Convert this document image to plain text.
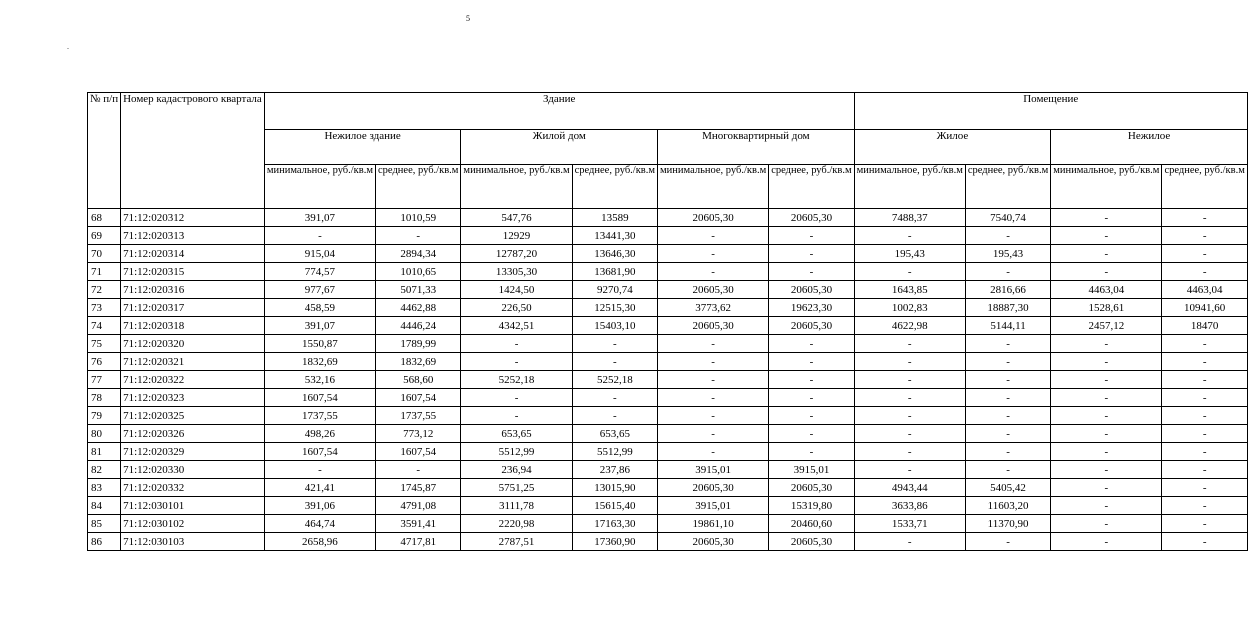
5
№ п/п	Номер кадастрового квартала	Здание						Помещение			
		Нежилое здание		Жилой дом		Многоквартирный дом		Жилое		Нежилое	
		минимальное, руб./кв.м	среднее, руб./кв.м	минимальное, руб./кв.м	среднее, руб./кв.м	минимальное, руб./кв.м	среднее, руб./кв.м	минимальное, руб./кв.м	среднее, руб./кв.м	минимальное, руб./кв.м	среднее, руб./кв.м
68	71:12:020312	391,07	1010,59	547,76	13589	20605,30	20605,30	7488,37	7540,74	-	-
69	71:12:020313	-	-	12929	13441,30	-	-	-	-	-	-
70	71:12:020314	915,04	2894,34	12787,20	13646,30	-	-	195,43	195,43	-	-
71	71:12:020315	774,57	1010,65	13305,30	13681,90	-	-	-	-	-	-
72	71:12:020316	977,67	5071,33	1424,50	9270,74	20605,30	20605,30	1643,85	2816,66	4463,04	4463,04
73	71:12:020317	458,59	4462,88	226,50	12515,30	3773,62	19623,30	1002,83	18887,30	1528,61	10941,60
74	71:12:020318	391,07	4446,24	4342,51	15403,10	20605,30	20605,30	4622,98	5144,11	2457,12	18470
75	71:12:020320	1550,87	1789,99	-	-	-	-	-	-	-	-
76	71:12:020321	1832,69	1832,69	-	-	-	-	-	-	-	-
77	71:12:020322	532,16	568,60	5252,18	5252,18	-	-	-	-	-	-
78	71:12:020323	1607,54	1607,54	-	-	-	-	-	-	-	-
79	71:12:020325	1737,55	1737,55	-	-	-	-	-	-	-	-
80	71:12:020326	498,26	773,12	653,65	653,65	-	-	-	-	-	-
81	71:12:020329	1607,54	1607,54	5512,99	5512,99	-	-	-	-	-	-
82	71:12:020330	-	-	236,94	237,86	3915,01	3915,01	-	-	-	-
83	71:12:020332	421,41	1745,87	5751,25	13015,90	20605,30	20605,30	4943,44	5405,42	-	-
84	71:12:030101	391,06	4791,08	3111,78	15615,40	3915,01	15319,80	3633,86	11603,20	-	-
85	71:12:030102	464,74	3591,41	2220,98	17163,30	19861,10	20460,60	1533,71	11370,90	-	-
86	71:12:030103	2658,96	4717,81	2787,51	17360,90	20605,30	20605,30	-	-	-	-
